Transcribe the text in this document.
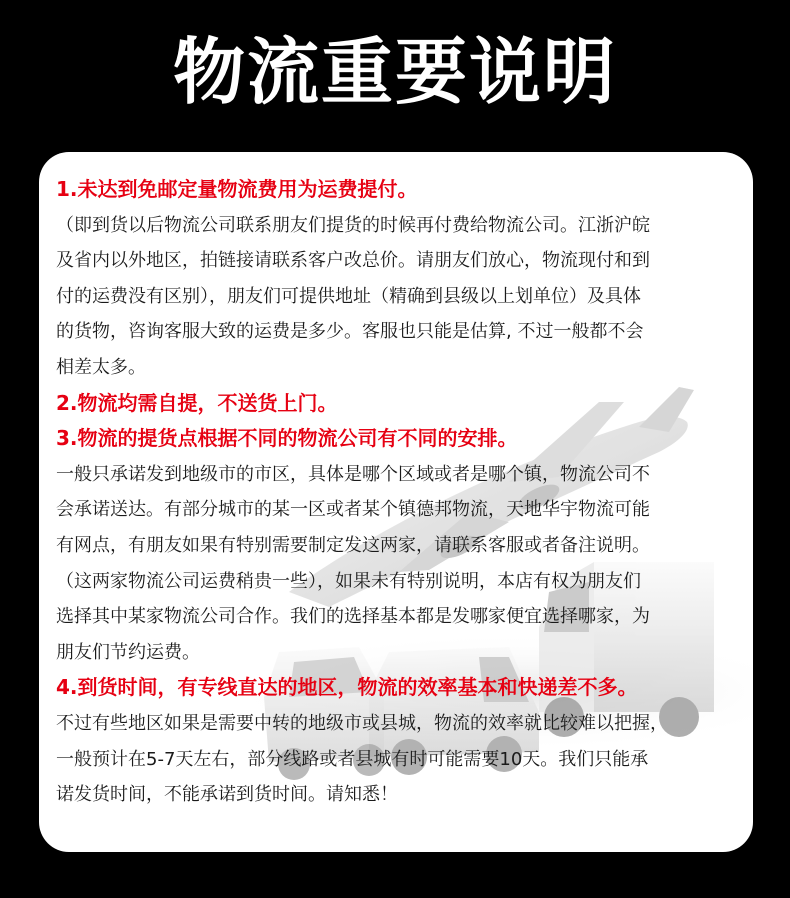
物流重要说明
1.未达到免邮定量物流费用为运费提付。
（即到货以后物流公司联系朋友们提货的时候再付费给物流公司。江浙沪皖
及省内以外地区，拍链接请联系客户改总价。请朋友们放心，物流现付和到
付的运费没有区别），朋友们可提供地址（精确到县级以上划单位）及具体
的货物，咨询客服大致的运费是多少。客服也只能是估算, 不过一般都不会
相差太多。
2.物流均需自提，不送货上门。
3.物流的提货点根据不同的物流公司有不同的安排。
一般只承诺发到地级市的市区，具体是哪个区域或者是哪个镇，物流公司不
会承诺送达。有部分城市的某一区或者某个镇德邦物流，天地华宇物流可能
有网点，有朋友如果有特别需要制定发这两家，请联系客服或者备注说明。
（这两家物流公司运费稍贵一些），如果未有特别说明，本店有权为朋友们
选择其中某家物流公司合作。我们的选择基本都是发哪家便宜选择哪家，为
朋友们节约运费。
4.到货时间，有专线直达的地区，物流的效率基本和快递差不多。
不过有些地区如果是需要中转的地级市或县城，物流的效率就比较难以把握，
一般预计在5-7天左右，部分线路或者县城有时可能需要10天。我们只能承
诺发货时间，不能承诺到货时间。请知悉！
